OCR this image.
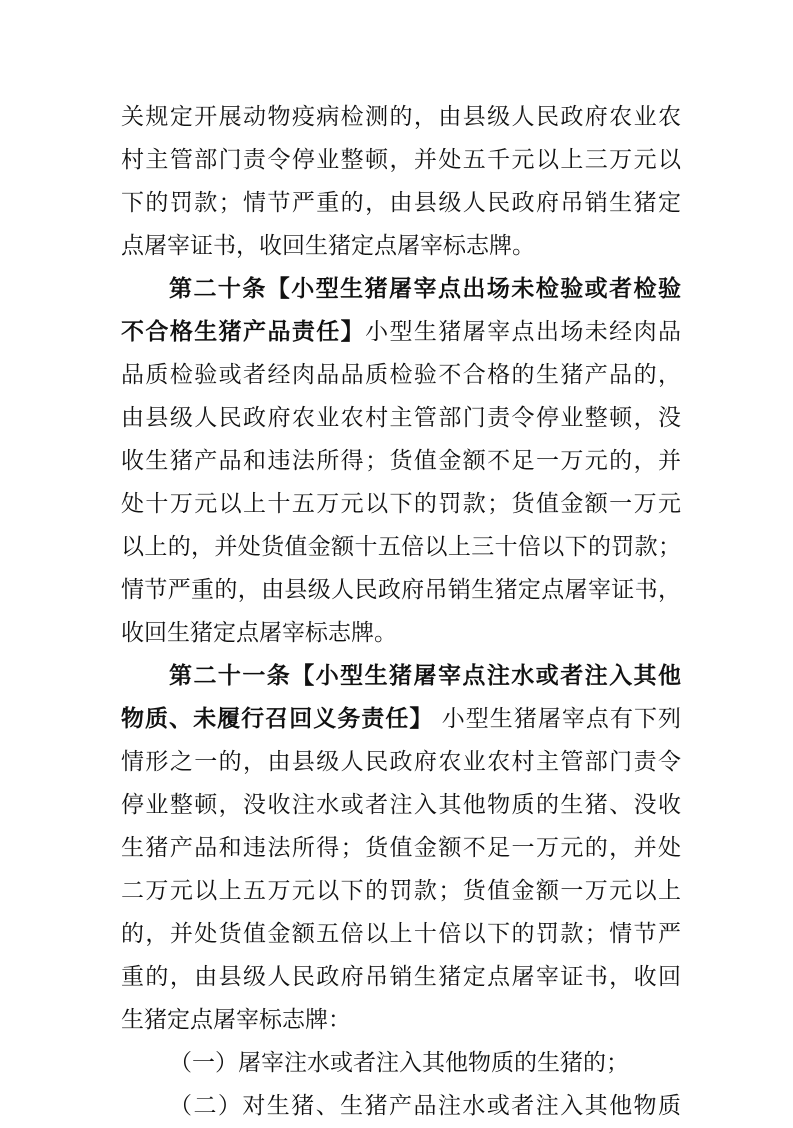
关规定开展动物疫病检测的，由县级人民政府农业农
村主管部门责令停业整顿，并处五千元以上三万元以
下的罚款；情节严重的，由县级人民政府吊销生猪定
点屠宰证书，收回生猪定点屠宰标志牌。
第二十条【小型生猪屠宰点出场未检验或者检验
不合格生猪产品责任】小型生猪屠宰点出场未经肉品
品质检验或者经肉品品质检验不合格的生猪产品的，
由县级人民政府农业农村主管部门责令停业整顿，没
收生猪产品和违法所得；货值金额不足一万元的，并
处十万元以上十五万元以下的罚款；货值金额一万元
以上的，并处货值金额十五倍以上三十倍以下的罚款；
情节严重的，由县级人民政府吊销生猪定点屠宰证书，
收回生猪定点屠宰标志牌。
第二十一条【小型生猪屠宰点注水或者注入其他
物质、未履行召回义务责任】 小型生猪屠宰点有下列
情形之一的，由县级人民政府农业农村主管部门责令
停业整顿，没收注水或者注入其他物质的生猪、没收
生猪产品和违法所得；货值金额不足一万元的，并处
二万元以上五万元以下的罚款；货值金额一万元以上
的，并处货值金额五倍以上十倍以下的罚款；情节严
重的，由县级人民政府吊销生猪定点屠宰证书，收回
生猪定点屠宰标志牌：
（一）屠宰注水或者注入其他物质的生猪的；
（二）对生猪、生猪产品注水或者注入其他物质
